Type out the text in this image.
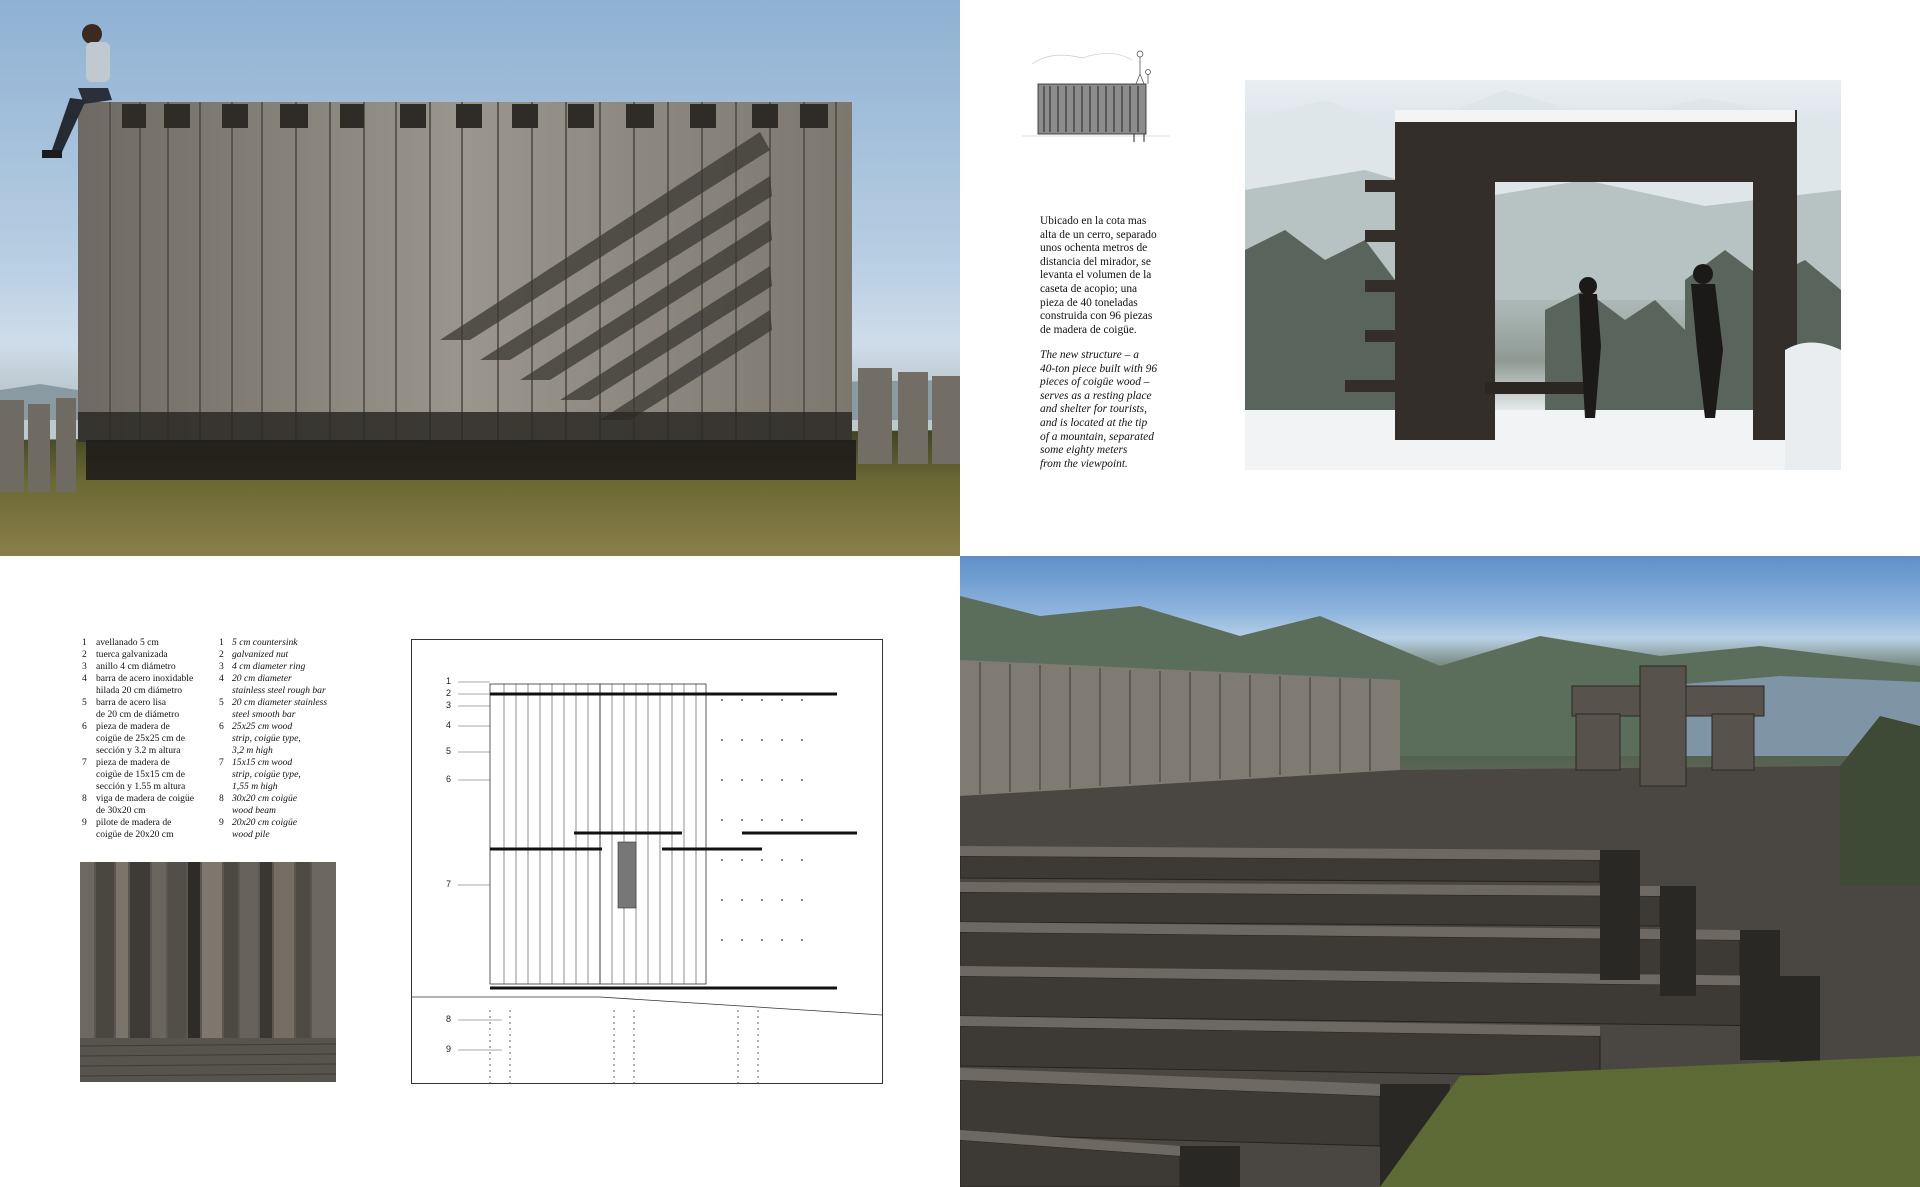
Ubicado en la cota mas
alta de un cerro, separado
unos ochenta metros de
distancia del mirador, se
levanta el volumen de la
caseta de acopio; una
pieza de 40 toneladas
construida con 96 piezas
de madera de coigüe.
The new structure – a
40-ton piece built with 96
pieces of coigüe wood –
serves as a resting place
and shelter for tourists,
and is located at the tip
of a mountain, separated
some eighty meters
from the viewpoint.
1 avellanado 5 cm
2 tuerca galvanizada
3 anillo 4 cm diámetro
4 barra de acero inoxidable
hilada 20 cm diámetro
5 barra de acero lisa
de 20 cm de diámetro
6 pieza de madera de
coigüe de 25x25 cm de
sección y 3.2 m altura
7 pieza de madera de
coigüe de 15x15 cm de
sección y 1.55 m altura
8 viga de madera de coigüe
de 30x20 cm
9 pilote de madera de
coigüe de 20x20 cm
1 5 cm countersink
2 galvanized nut
3 4 cm diameter ring
4 20 cm diameter
stainless steel rough bar
5 20 cm diameter stainless
steel smooth bar
6 25x25 cm wood
strip, coigüe type,
3,2 m high
7 15x15 cm wood
strip, coigüe type,
1,55 m high
8 30x20 cm coigüe
wood beam
9 20x20 cm coigüe
wood pile
1
2
3
4
5
6
7
8
9
